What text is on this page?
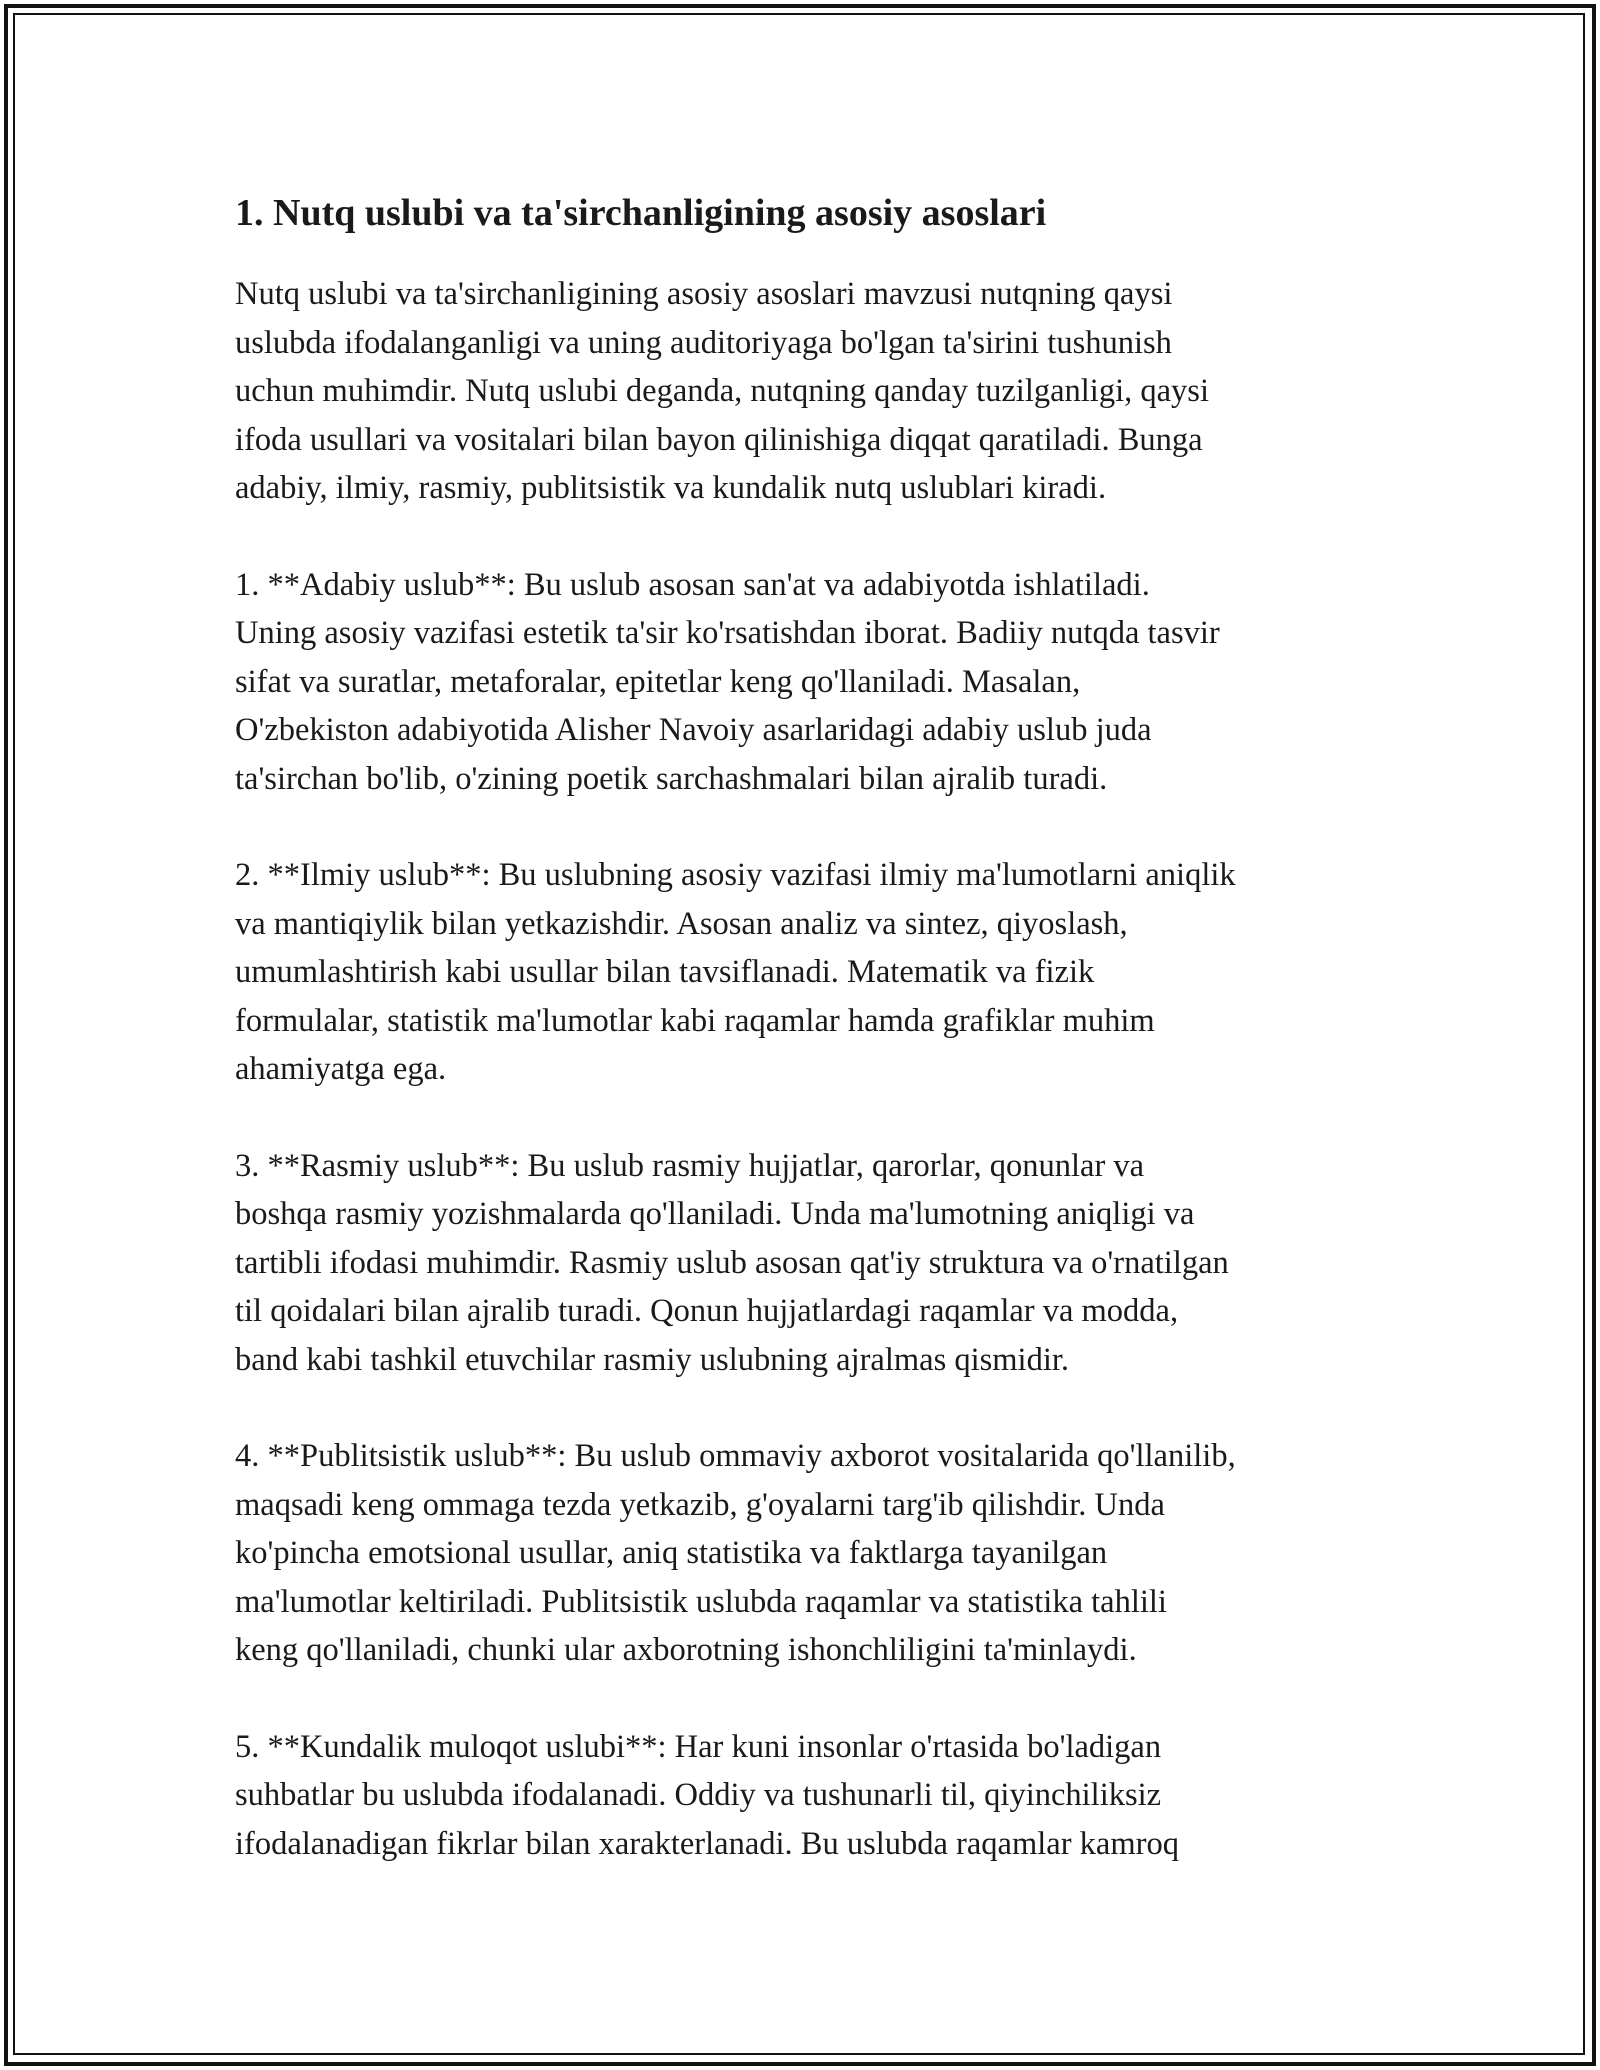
1. Nutq uslubi va ta'sirchanligining asosiy asoslari

Nutq uslubi va ta'sirchanligining asosiy asoslari mavzusi nutqning qaysi
uslubda ifodalanganligi va uning auditoriyaga bo'lgan ta'sirini tushunish
uchun muhimdir. Nutq uslubi deganda, nutqning qanday tuzilganligi, qaysi
ifoda usullari va vositalari bilan bayon qilinishiga diqqat qaratiladi. Bunga
adabiy, ilmiy, rasmiy, publitsistik va kundalik nutq uslublari kiradi.

1. **Adabiy uslub**: Bu uslub asosan san'at va adabiyotda ishlatiladi.
Uning asosiy vazifasi estetik ta'sir ko'rsatishdan iborat. Badiiy nutqda tasvir
sifat va suratlar, metaforalar, epitetlar keng qo'llaniladi. Masalan,
O'zbekiston adabiyotida Alisher Navoiy asarlaridagi adabiy uslub juda
ta'sirchan bo'lib, o'zining poetik sarchashmalari bilan ajralib turadi.

2. **Ilmiy uslub**: Bu uslubning asosiy vazifasi ilmiy ma'lumotlarni aniqlik
va mantiqiylik bilan yetkazishdir. Asosan analiz va sintez, qiyoslash,
umumlashtirish kabi usullar bilan tavsiflanadi. Matematik va fizik
formulalar, statistik ma'lumotlar kabi raqamlar hamda grafiklar muhim
ahamiyatga ega.

3. **Rasmiy uslub**: Bu uslub rasmiy hujjatlar, qarorlar, qonunlar va
boshqa rasmiy yozishmalarda qo'llaniladi. Unda ma'lumotning aniqligi va
tartibli ifodasi muhimdir. Rasmiy uslub asosan qat'iy struktura va o'rnatilgan
til qoidalari bilan ajralib turadi. Qonun hujjatlardagi raqamlar va modda,
band kabi tashkil etuvchilar rasmiy uslubning ajralmas qismidir.

4. **Publitsistik uslub**: Bu uslub ommaviy axborot vositalarida qo'llanilib,
maqsadi keng ommaga tezda yetkazib, g'oyalarni targ'ib qilishdir. Unda
ko'pincha emotsional usullar, aniq statistika va faktlarga tayanilgan
ma'lumotlar keltiriladi. Publitsistik uslubda raqamlar va statistika tahlili
keng qo'llaniladi, chunki ular axborotning ishonchliligini ta'minlaydi.

5. **Kundalik muloqot uslubi**: Har kuni insonlar o'rtasida bo'ladigan
suhbatlar bu uslubda ifodalanadi. Oddiy va tushunarli til, qiyinchiliksiz
ifodalanadigan fikrlar bilan xarakterlanadi. Bu uslubda raqamlar kamroq
